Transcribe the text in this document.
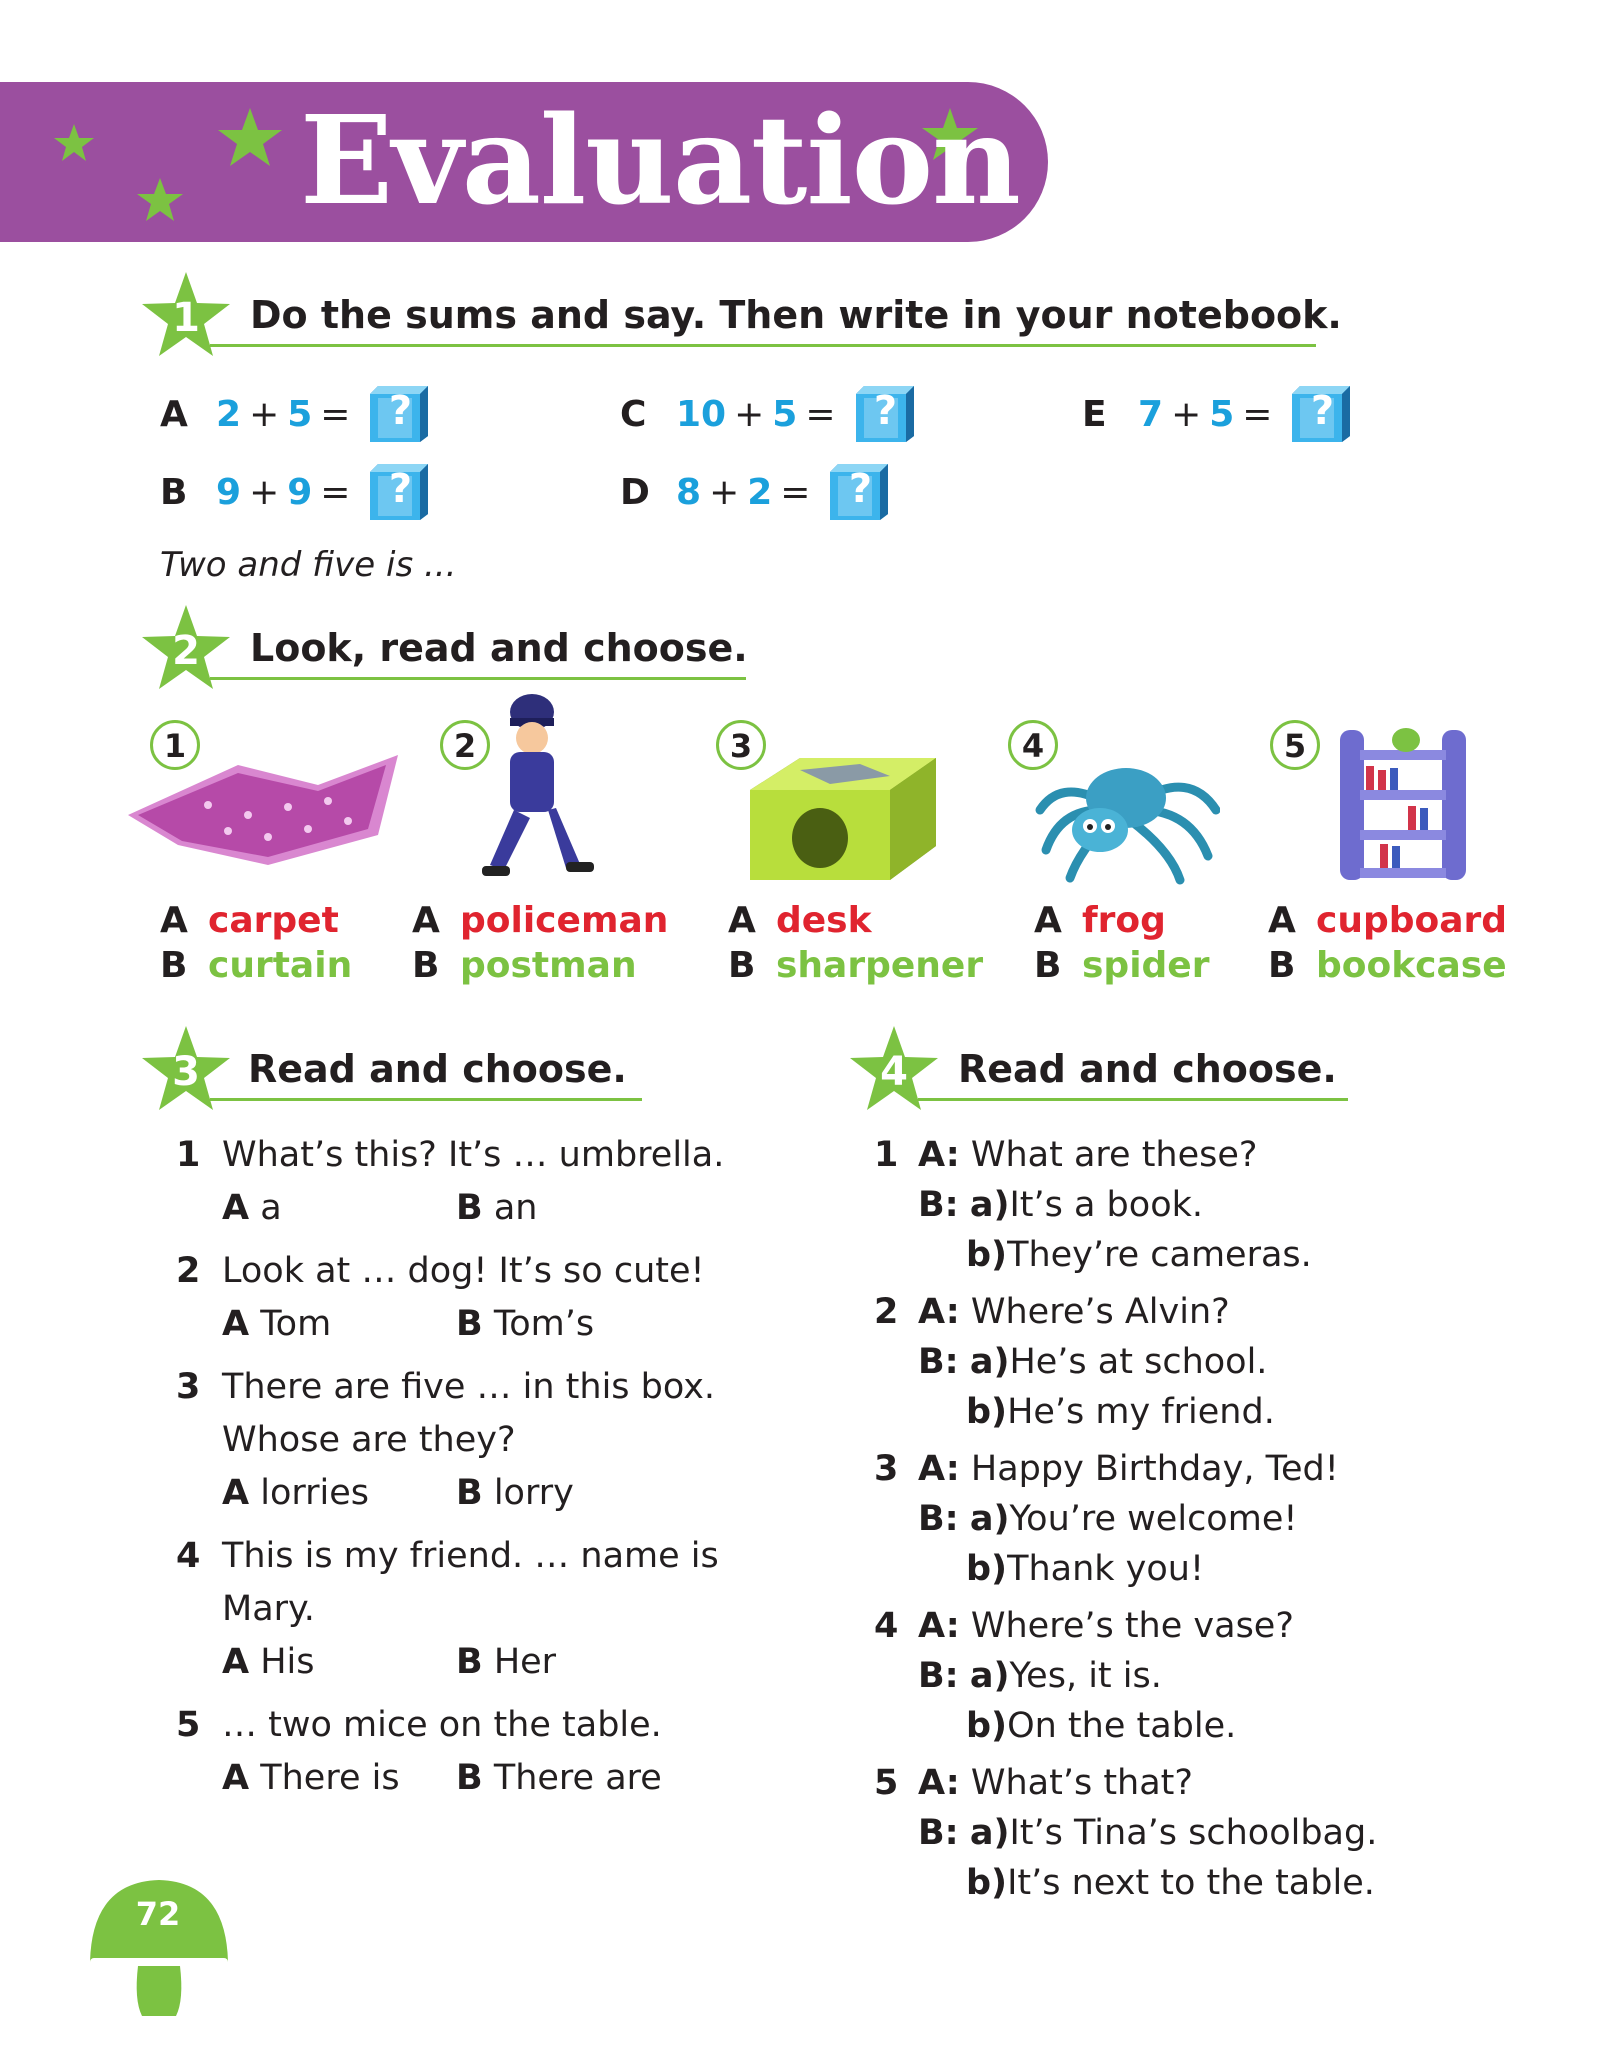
Evaluation
1	Do the sums and say. Then write in your notebook.
A 2 + 5 = ?
B 9 + 9 = ?
C 10 + 5 = ?
D 8 + 2 = ?
E 7 + 5 = ?
Two and five is ...
2	Look, read and choose.
1
A carpet
B curtain
2
A policeman
B postman
3
A desk
B sharpener
4
A frog
B spider
5
A cupboard
B bookcase
3	Read and choose.
1 What’s this? It’s … umbrella.
A a	B an
2 Look at … dog! It’s so cute!
A Tom	B Tom’s
3 There are five … in this box.
Whose are they?
A lorries B lorry
4 This is my friend. … name is
Mary.
A His	B Her
5 … two mice on the table.
A There is B There are
4	Read and choose.
1 A: What are these?
B: a)It’s a book.
b)They’re cameras.
2 A: Where’s Alvin?
B: a)He’s at school.
b)He’s my friend.
3 A: Happy Birthday, Ted!
B: a)You’re welcome!
b)Thank you!
4 A: Where’s the vase?
B: a)Yes, it is.
b)On the table.
5 A: What’s that?
B: a)It’s Tina’s schoolbag.
b)It’s next to the table.
72
